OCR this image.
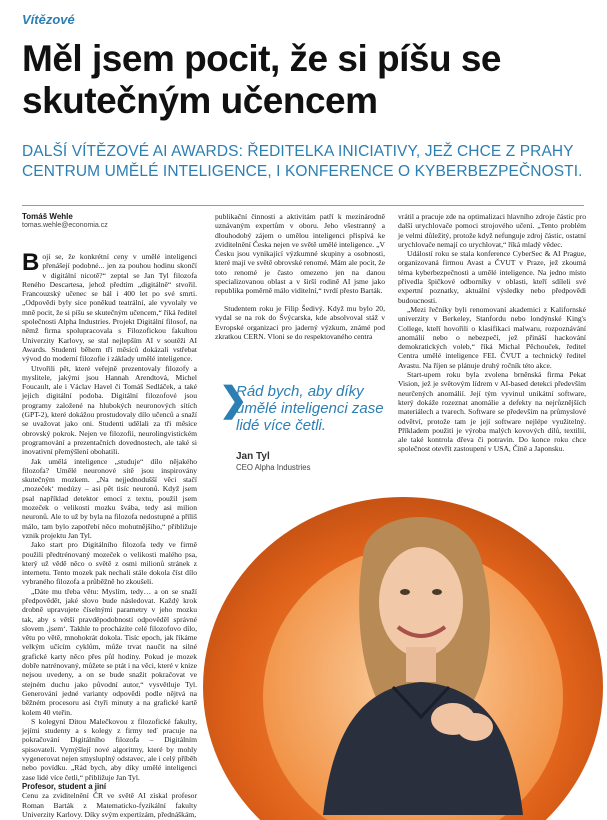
Vítězové
Měl jsem pocit, že si píšu se skutečným učencem

DALŠÍ VÍTĚZOVÉ AI AWARDS: ŘEDITELKA INICIATIVY, JEŽ CHCE Z PRAHY CENTRUM UMĚLÉ INTELIGENCE, I KONFERENCE O KYBERBEZPEČNOSTI.

Tomáš Wehle
tomas.wehle@economia.cz

Bojí se, že konkrétní ceny v umělé inteligenci přenášejí podobné... jen za pouhou hodinu skončí v digitální nicotě?“ zeptal se Jan Tyl filozofa Reného Descartesa, jehož předtím „digitálně“ stvořil. Francouzský učenec se bál i 400 let po své smrti. „Odpovědi byly sice poněkud teatrální, ale vyvolaly ve mně pocit, že si píšu se skutečným učencem,“ říká ředitel společnosti Alpha Industries. Projekt Digitální filosof, na němž firma spolupracovala s Filozofickou fakultou Univerzity Karlovy, se stal nejlepším AI v soutěži AI Awards. Studenti během tří měsíců dokázali vstřebat vývod do moderní filozofie i základy umělé inteligence.

Utvořili pět, které veřejně prezentovaly filozofy a myslitele, jakými jsou Hannah Arendtová, Michel Foucault, ale i Václav Havel či Tomáš Sedláček, a také jejich digitální podoba. Digitální filozofové jsou programy založené na hlubokých neuronových sítích (GPT-2), které dokážou prostudovaly dílo učenců a snaží se uvažovat jako oni. Studenti udělali za tři měsíce obrovský pokrok. Nejen ve filozofii, neurolingvistickém programování a prezentačních dovednostech, ale také si inovativní přemýšlení obohatili.

Jak umělá inteligence „studuje“ dílo nějakého filozofa? Umělé neuronové sítě jsou inspirovány skutečným mozkem. „Na nejjednodušší věci stačí ‚mozeček‘ medúzy – asi pět tisíc neuronů. Když jsem psal například detektor emocí z textu, použil jsem mozeček o velikosti mozku švába, tedy asi milion neuronů. Ale to už by byla na filozofa nedostupné a příliš málo, tam bylo zapotřebí něco mohutnějšího,“ přibližuje vznik projektu Jan Tyl.

Jako start pro Digitálního filozofa tedy ve firmě použili předtrénovaný mozeček o velikosti malého psa, který už vědě něco o světě z osmi milionů stránek z internetu. Tento mozek pak nechali stále dokola číst dílo vybraného filozofa a průběžně ho zkoušeli.

„Dáte mu třeba větu: Myslím, tedy… a on se snaží předpovědět, jaké slovo bude následovat. Každý krok drobně upravujete číselnými parametry v jeho mozku tak, aby s větší pravděpodobností odpověděl správné slovem ‚jsem‘. Takhle to procházíte celé filozofovo dílo, větu po větě, mnohokrát dokola. Tisíc epoch, jak říkáme velkým učícím cyklům, může trvat naučit na silné grafické karty něco přes půl hodiny. Pokud je mozek dobře natrénovaný, můžete se ptát i na věci, které v knize nejsou uvedeny, a on se bude snažit pokračovat ve stejném duchu jako původní autor,“ vysvětluje Tyl. Generování jedné varianty odpovědi podle nějtvá na běžném procesoru asi čtyři minuty a na grafické kartě kolem 40 vteřin.

S kolegyní Ditou Malečkovou z filozofické fakulty, jejími studenty a s kolegy z firmy teď pracuje na pokračování Digitálního filozofa – Digitálním spisovateli. Vymýšlejí nové algoritmy, které by mohly vygenerovat nejen smysluplný odstavec, ale i celý příběh nebo povídku. „Rád bych, aby díky umělé inteligenci zase lidé více četli,“ přibližuje Jan Tyl.

Profesor, student a jiní

Cenu za zviditelnění ČR ve světě AI získal profesor Roman Barták z Matematicko-fyzikální fakulty Univerzity Karlovy. Díky svým expertízám, přednáškám,

publikační činnosti a aktivitám patří k mezinárodně uznávaným expertům v oboru. Jeho všestranný a dlouhodobý zájem o umělou inteligenci přispívá ke zviditelnění Česka nejen ve světě umělé inteligence. „V Česku jsou vynikající výzkumné skupiny a osobnosti, které mají ve světě obrovské renomé. Mám ale pocit, že toto renomé je často omezeno jen na danou specializovanou oblast a v širší rodině AI jsme jako republika poměrně málo viditelní,“ tvrdí přesto Barták.

Studentem roku je Filip Šedivý. Když mu bylo 20, vydal se na rok do Švýcarska, kde absolvoval stáž v Evropské organizaci pro jaderný výzkum, známé pod zkratkou CERN. Vloni se do respektovaného centra

vrátil a pracuje zde na optimalizaci hlavního zdroje částic pro další urychlovače pomoci strojového učení. „Tento problém je velmi důležitý, protože když nefunguje zdroj částic, ostatní urychlovače nemají co urychlovat,“ říká mladý vědec.

Událostí roku se stala konference CyberSec & AI Prague, organizovaná firmou Avast a ČVUT v Praze, jež zkoumá téma kyberbezpečnosti a umělé inteligence. Na jedno místo přivedla špičkové odborníky v oblasti, kteří sdíleli své expertní poznatky, aktuální výsledky nebo předpovědi budoucnosti.

„Mezi řečníky byli renomovaní akademici z Kalifornské univerzity v Berkeley, Stanfordu nebo londýnské King's College, kteří hovořili o klasifikaci malwaru, rozpoznávání anomálií nebo o nebezpečí, jež přináší hackování demokratických voleb,“ říká Michal Pěchouček, ředitel Centra umělé inteligence FEL ČVUT a technický ředitel Avastu. Na říjen se plánuje druhý ročník této akce.

Start-upem roku byla zvolena brněnská firma Pekat Vision, jež je světovým lídrem v AI-based detekci především neurčených anomálií. Její tým vyvinul unikátní software, který dokáže rozeznat anomálie a defekty na nejrůznějších materiálech a tvarech. Software se především na průmyslové odvětví, protože tam je její software nejlépe využitelný. Příkladem použití je výroba malých kovových dílů, textilií, ale také kontrola dřeva či potravin. Do konce roku chce společnost otevřít zastoupení v USA, Číně a Japonsku.

❯

Rád bych, aby díky umělé inteligenci zase lidé více četli.

Jan Tyl
CEO Alpha Industries
